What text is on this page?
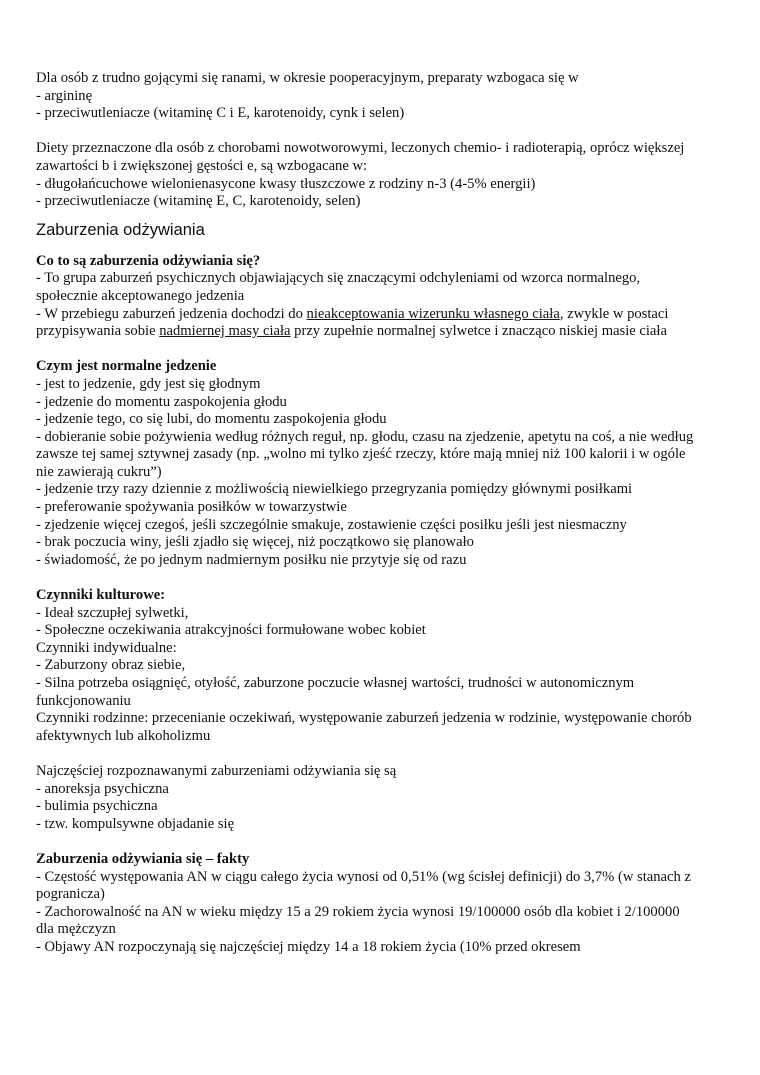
Dla osób z trudno gojącymi się ranami, w okresie pooperacyjnym, preparaty wzbogaca się w

- argininę

- przeciwutleniacze (witaminę C i E, karotenoidy, cynk i selen)

Diety przeznaczone dla osób z chorobami nowotworowymi, leczonych chemio- i radioterapią, oprócz większej zawartości b i zwiększonej gęstości e, są wzbogacane w:

- długołańcuchowe wielonienasycone kwasy tłuszczowe z rodziny n-3 (4-5% energii)

- przeciwutleniacze (witaminę E, C, karotenoidy, selen)

Zaburzenia odżywiania

Co to są zaburzenia odżywiania się?

- To grupa zaburzeń psychicznych objawiających się znaczącymi odchyleniami od wzorca normalnego, społecznie akceptowanego jedzenia

- W przebiegu zaburzeń jedzenia dochodzi do nieakceptowania wizerunku własnego ciała, zwykle w postaci przypisywania sobie nadmiernej masy ciała przy zupełnie normalnej sylwetce i znacząco niskiej masie ciała

Czym jest normalne jedzenie

- jest to jedzenie, gdy jest się głodnym

- jedzenie do momentu zaspokojenia głodu

- jedzenie tego, co się lubi, do momentu zaspokojenia głodu

- dobieranie sobie pożywienia według różnych reguł, np. głodu, czasu na zjedzenie, apetytu na coś, a nie według zawsze tej samej sztywnej zasady (np. „wolno mi tylko zjeść rzeczy, które mają mniej niż 100 kalorii i w ogóle nie zawierają cukru”)

- jedzenie trzy razy dziennie z możliwością niewielkiego przegryzania pomiędzy głównymi posiłkami

- preferowanie spożywania posiłków w towarzystwie

- zjedzenie więcej czegoś, jeśli szczególnie smakuje, zostawienie części posiłku jeśli jest niesmaczny

- brak poczucia winy, jeśli zjadło się więcej, niż początkowo się planowało

- świadomość, że po jednym nadmiernym posiłku nie przytyje się od razu

Czynniki kulturowe:

- Ideał szczupłej sylwetki,

- Społeczne oczekiwania atrakcyjności formułowane wobec kobiet

Czynniki indywidualne:

- Zaburzony obraz siebie,

- Silna potrzeba osiągnięć, otyłość, zaburzone poczucie własnej wartości, trudności w autonomicznym funkcjonowaniu

Czynniki rodzinne: przecenianie oczekiwań, występowanie zaburzeń jedzenia w rodzinie, występowanie chorób afektywnych lub alkoholizmu

Najczęściej rozpoznawanymi zaburzeniami odżywiania się są

- anoreksja psychiczna

- bulimia psychiczna

- tzw. kompulsywne objadanie się

Zaburzenia odżywiania się – fakty

- Częstość występowania AN w ciągu całego życia wynosi od 0,51% (wg ścisłej definicji) do 3,7% (w stanach z pogranicza)

- Zachorowalność na AN w wieku między 15 a 29 rokiem życia wynosi 19/100000 osób dla kobiet i 2/100000 dla mężczyzn

- Objawy AN rozpoczynają się najczęściej między 14 a 18 rokiem życia (10% przed okresem
